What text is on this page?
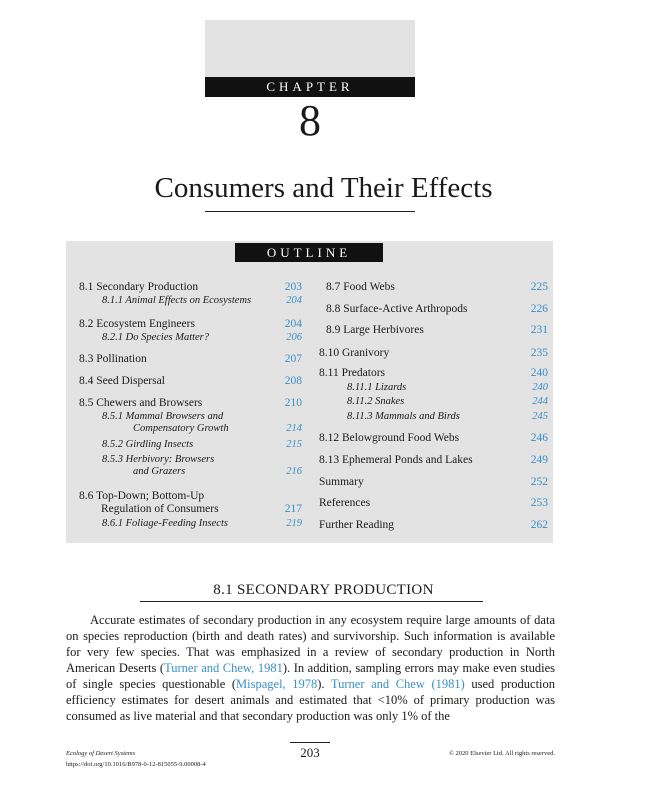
CHAPTER
8
Consumers and Their Effects
OUTLINE
8.1 Secondary Production	203
8.1.1 Animal Effects on Ecosystems	204
8.2 Ecosystem Engineers	204
8.2.1 Do Species Matter?	206
8.3 Pollination	207
8.4 Seed Dispersal	208
8.5 Chewers and Browsers	210
8.5.1 Mammal Browsers and
Compensatory Growth	214
8.5.2 Girdling Insects	215
8.5.3 Herbivory: Browsers
and Grazers	216
8.6 Top-Down; Bottom-Up
Regulation of Consumers	217
8.6.1 Foliage-Feeding Insects	219
8.7 Food Webs	225
8.8 Surface-Active Arthropods	226
8.9 Large Herbivores	231
8.10 Granivory	235
8.11 Predators	240
8.11.1 Lizards	240
8.11.2 Snakes	244
8.11.3 Mammals and Birds	245
8.12 Belowground Food Webs	246
8.13 Ephemeral Ponds and Lakes	249
Summary	252
References	253
Further Reading	262
8.1 SECONDARY PRODUCTION

Accurate estimates of secondary production in any ecosystem require large amounts of data on species reproduction (birth and death rates) and survivorship. Such information is available for very few species. That was emphasized in a review of secondary production in North American Deserts (Turner and Chew, 1981). In addition, sampling errors may make even studies of single species questionable (Mispagel, 1978). Turner and Chew (1981) used production efficiency estimates for desert animals and estimated that <10% of primary production was consumed as live material and that secondary production was only 1% of the

203
Ecology of Desert Systems
https://doi.org/10.1016/B978-0-12-815055-9.00008-4
© 2020 Elsevier Ltd. All rights reserved.
